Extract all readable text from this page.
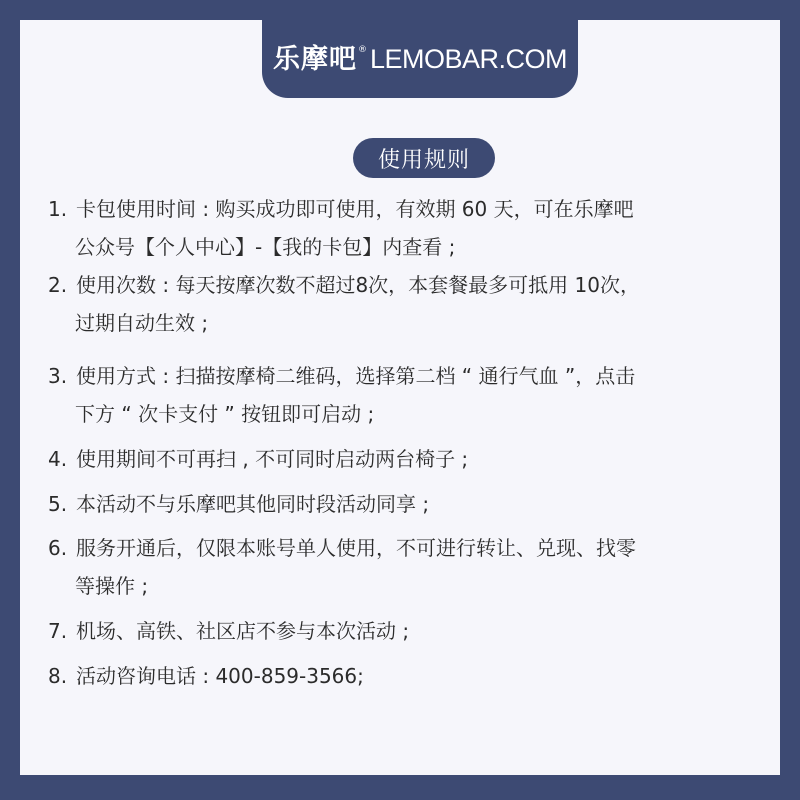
乐摩吧 ® LEMOBAR.COM
使用规则
1. 卡包使用时间 : 购买成功即可使用，有效期 60 天，可在乐摩吧
公众号【个人中心】-【我的卡包】内查看 ;
2. 使用次数 : 每天按摩次数不超过8次，本套餐最多可抵用 10次，
过期自动生效 ;
3. 使用方式 : 扫描按摩椅二维码，选择第二档 “ 通行气血 ”，点击
下方 “ 次卡支付 ” 按钮即可启动 ;
4. 使用期间不可再扫 , 不可同时启动两台椅子 ;
5. 本活动不与乐摩吧其他同时段活动同享 ;
6. 服务开通后，仅限本账号单人使用，不可进行转让、兑现、找零
等操作 ;
7. 机场、高铁、社区店不参与本次活动 ;
8. 活动咨询电话 : 400-859-3566;
